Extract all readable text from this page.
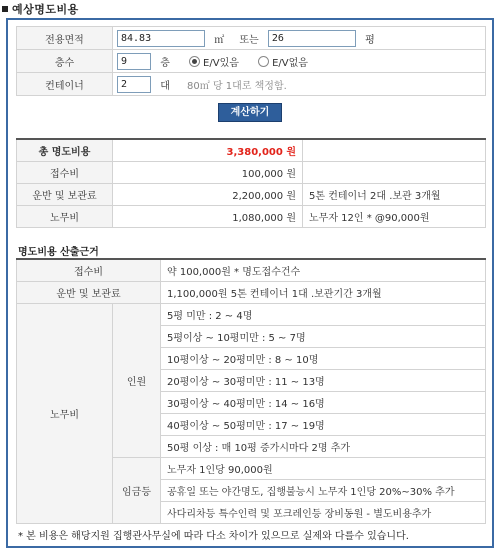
예상명도비용
전용면적	84.83 ㎡ 또는 26 평
층수	9 층 E/V있음 E/V없음
컨테이너	2 대 80㎡ 당 1대로 책정함.
계산하기
총 명도비용	3,380,000 원	
접수비	100,000 원	
운반 및 보관료	2,200,000 원	5톤 컨테이너 2대 .보관 3개월
노무비	1,080,000 원	노무자 12인 * @90,000원
명도비용 산출근거
접수비		약 100,000원 * 명도접수건수
운반 및 보관료		1,100,000원 5톤 컨테이너 1대 .보관기간 3개월
노무비	인원	5평 미만 : 2 ~ 4명
		5평이상 ~ 10평미만 : 5 ~ 7명
		10평이상 ~ 20평미만 : 8 ~ 10명
		20평이상 ~ 30평미만 : 11 ~ 13명
		30평이상 ~ 40평미만 : 14 ~ 16명
		40평이상 ~ 50평미만 : 17 ~ 19명
		50평 이상 : 매 10평 증가시마다 2명 추가
	임금등	노무자 1인당 90,000원
		공휴일 또는 야간명도, 집행불능시 노무자 1인당 20%~30% 추가
		사다리차등 특수인력 및 포크레인등 장비동원 - 별도비용추가
* 본 비용은 해당지원 집행관사무실에 따라 다소 차이가 있으므로 실제와 다를수 있습니다.
